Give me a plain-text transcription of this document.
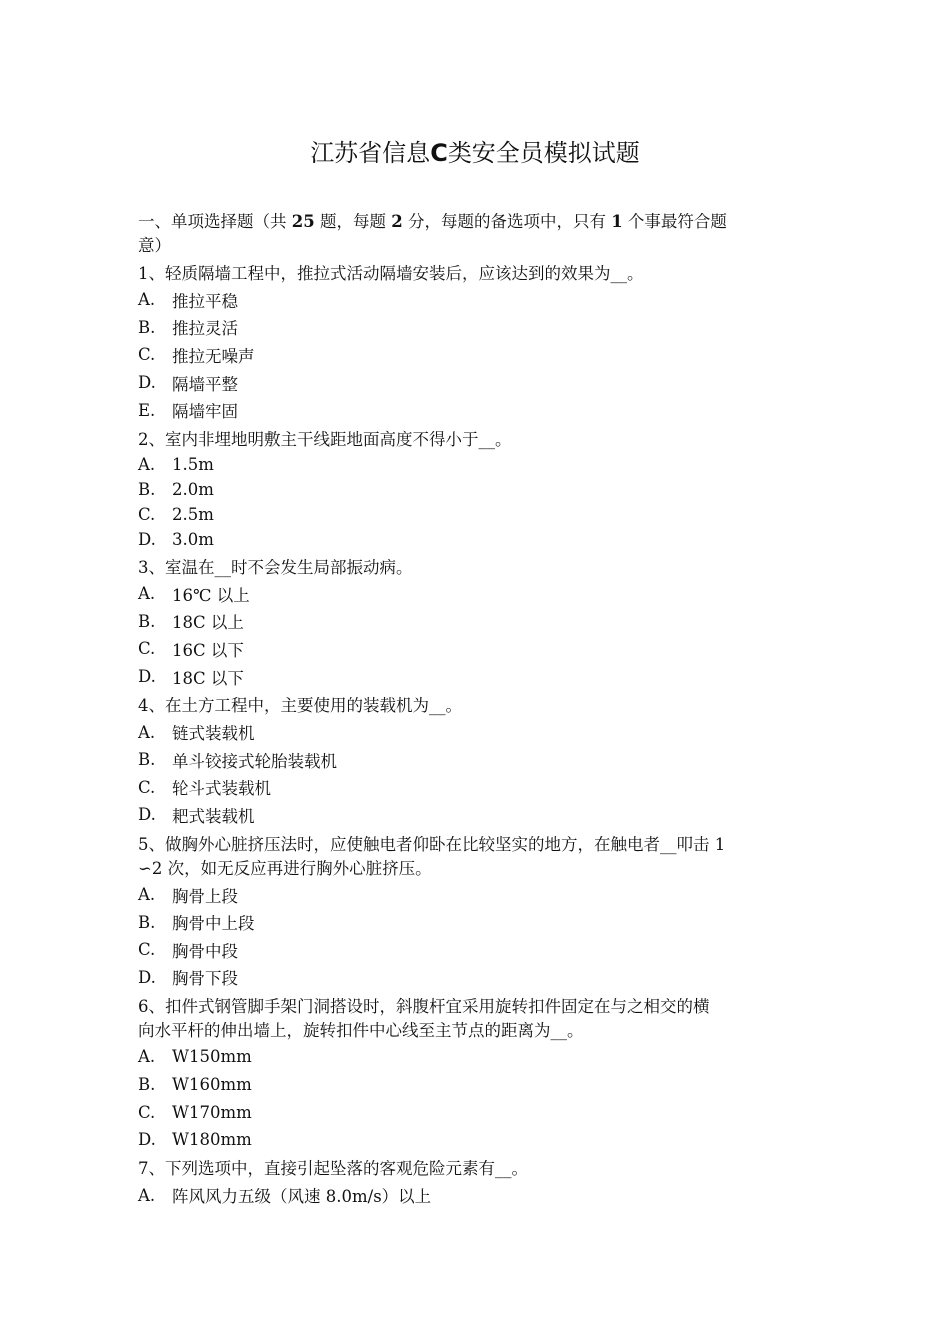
江苏省信息C类安全员模拟试题
一、单项选择题（共 25 题，每题 2 分，每题的备选项中，只有 1 个事最符合题
意）
1、轻质隔墙工程中，推拉式活动隔墙安装后，应该达到的效果为__。
A.	推拉平稳
B.	推拉灵活
C.	推拉无噪声
D. 隔墙平整
E.	隔墙牢固
2、室内非埋地明敷主干线距地面高度不得小于__。
A.	1.5m
B.	2.0m
C.	2.5m
D. 3.0m
3、室温在__时不会发生局部振动病。
A.	16℃ 以上
B.	18C 以上
C.	16C 以下
D. 18C 以下
4、在土方工程中，主要使用的装载机为__。
A.	链式装载机
B.	单斗铰接式轮胎装载机
C.	轮斗式装载机
D. 耙式装载机
5、做胸外心脏挤压法时，应使触电者仰卧在比较坚实的地方，在触电者__叩击 1
∽2 次，如无反应再进行胸外心脏挤压。
A.	胸骨上段
B.	胸骨中上段
C.	胸骨中段
D. 胸骨下段
6、扣件式钢管脚手架门洞搭设时，斜腹杆宜采用旋转扣件固定在与之相交的横
向水平杆的伸出墙上，旋转扣件中心线至主节点的距离为__。
A.	W150mm
B.	W160mm
C.	W170mm
D. W180mm
7、下列选项中，直接引起坠落的客观危险元素有__。
A.	阵风风力五级（风速 8.0m/s）以上
